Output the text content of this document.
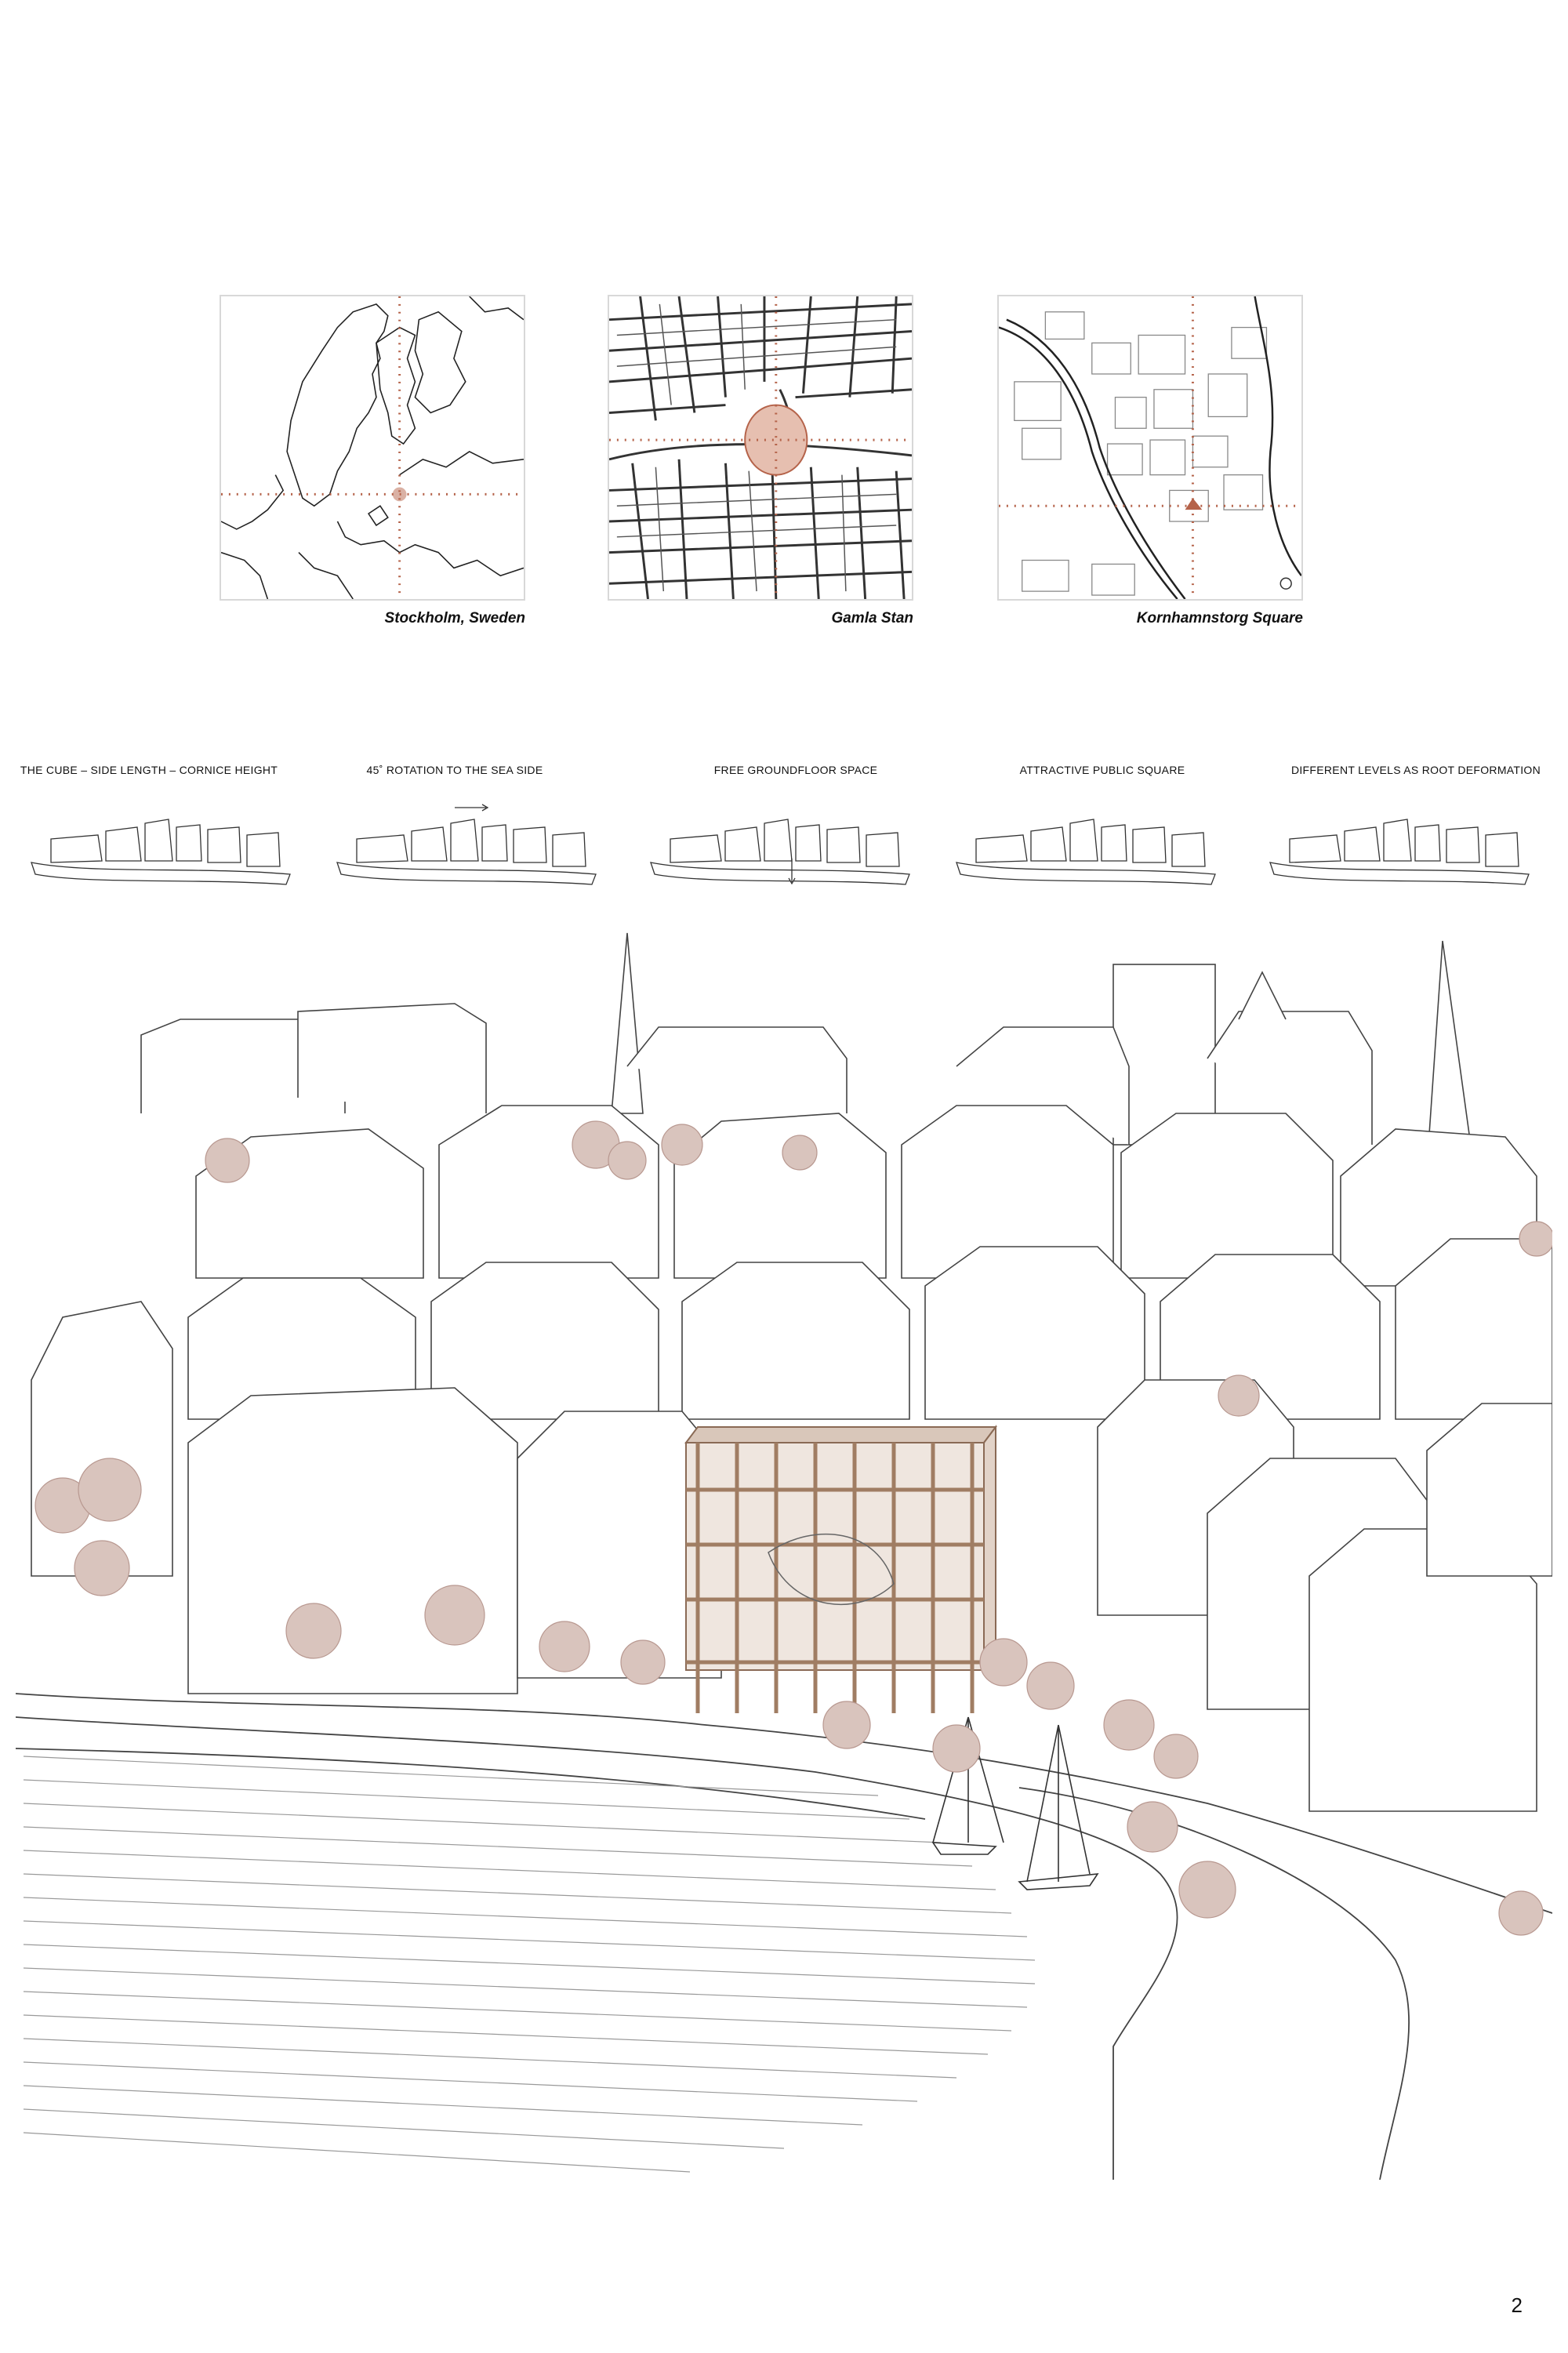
Stockholm, Sweden	Gamla Stan	Kornhamnstorg Square
THE CUBE – SIDE LENGTH – CORNICE HEIGHT	45˚ ROTATION TO THE SEA SIDE	FREE GROUNDFLOOR SPACE	ATTRACTIVE PUBLIC SQUARE	DIFFERENT LEVELS AS ROOT DEFORMATION
2
